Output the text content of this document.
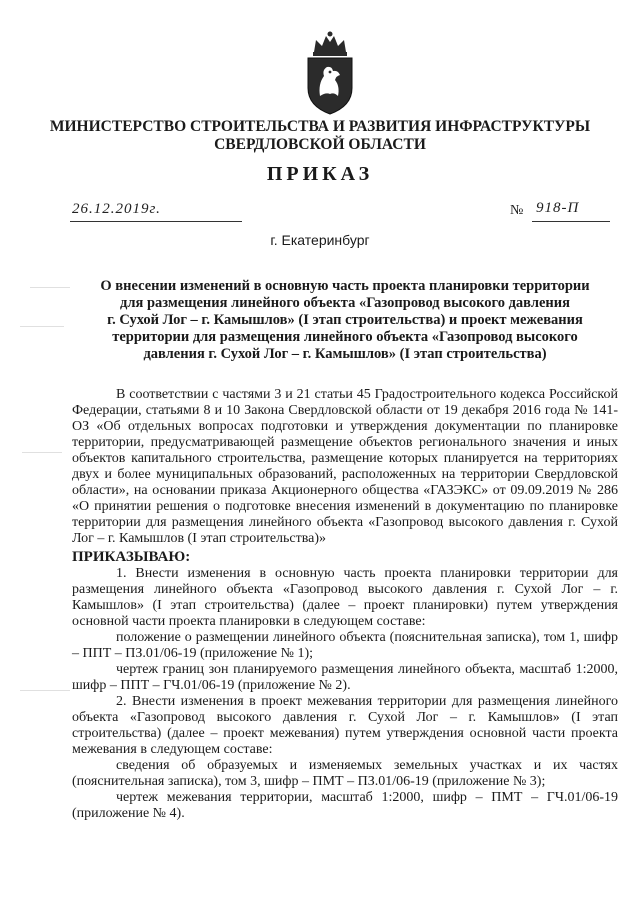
МИНИСТЕРСТВО СТРОИТЕЛЬСТВА И РАЗВИТИЯ ИНФРАСТРУКТУРЫ
СВЕРДЛОВСКОЙ ОБЛАСТИ
ПРИКАЗ
26.12.2019г.	№ 918-П
г. Екатеринбург
О внесении изменений в основную часть проекта планировки территории
для размещения линейного объекта «Газопровод высокого давления
г. Сухой Лог – г. Камышлов» (I этап строительства) и проект межевания
территории для размещения линейного объекта «Газопровод высокого
давления г. Сухой Лог – г. Камышлов» (I этап строительства)

В соответствии с частями 3 и 21 статьи 45 Градостроительного кодекса Российской Федерации, статьями 8 и 10 Закона Свердловской области от 19 декабря 2016 года № 141-ОЗ «Об отдельных вопросах подготовки и утверждения документации по планировке территории, предусматривающей размещение объектов регионального значения и иных объектов капитального строительства, размещение которых планируется на территориях двух и более муниципальных образований, расположенных на территории Свердловской области», на основании приказа Акционерного общества «ГАЗЭКС» от 09.09.2019 № 286 «О принятии решения о подготовке внесения изменений в документацию по планировке территории для размещения линейного объекта «Газопровод высокого давления г. Сухой Лог – г. Камышлов (I этап строительства)»

ПРИКАЗЫВАЮ:

1. Внести изменения в основную часть проекта планировки территории для размещения линейного объекта «Газопровод высокого давления г. Сухой Лог – г. Камышлов» (I этап строительства) (далее – проект планировки) путем утверждения основной части проекта планировки в следующем составе:

положение о размещении линейного объекта (пояснительная записка), том 1, шифр – ППТ – ПЗ.01/06-19 (приложение № 1);

чертеж границ зон планируемого размещения линейного объекта, масштаб 1:2000, шифр – ППТ – ГЧ.01/06-19 (приложение № 2).

2. Внести изменения в проект межевания территории для размещения линейного объекта «Газопровод высокого давления г. Сухой Лог – г. Камышлов» (I этап строительства) (далее – проект межевания) путем утверждения основной части проекта межевания в следующем составе:

сведения об образуемых и изменяемых земельных участках и их частях (пояснительная записка), том 3, шифр – ПМТ – ПЗ.01/06-19 (приложение № 3);

чертеж межевания территории, масштаб 1:2000, шифр – ПМТ – ГЧ.01/06-19 (приложение № 4).
